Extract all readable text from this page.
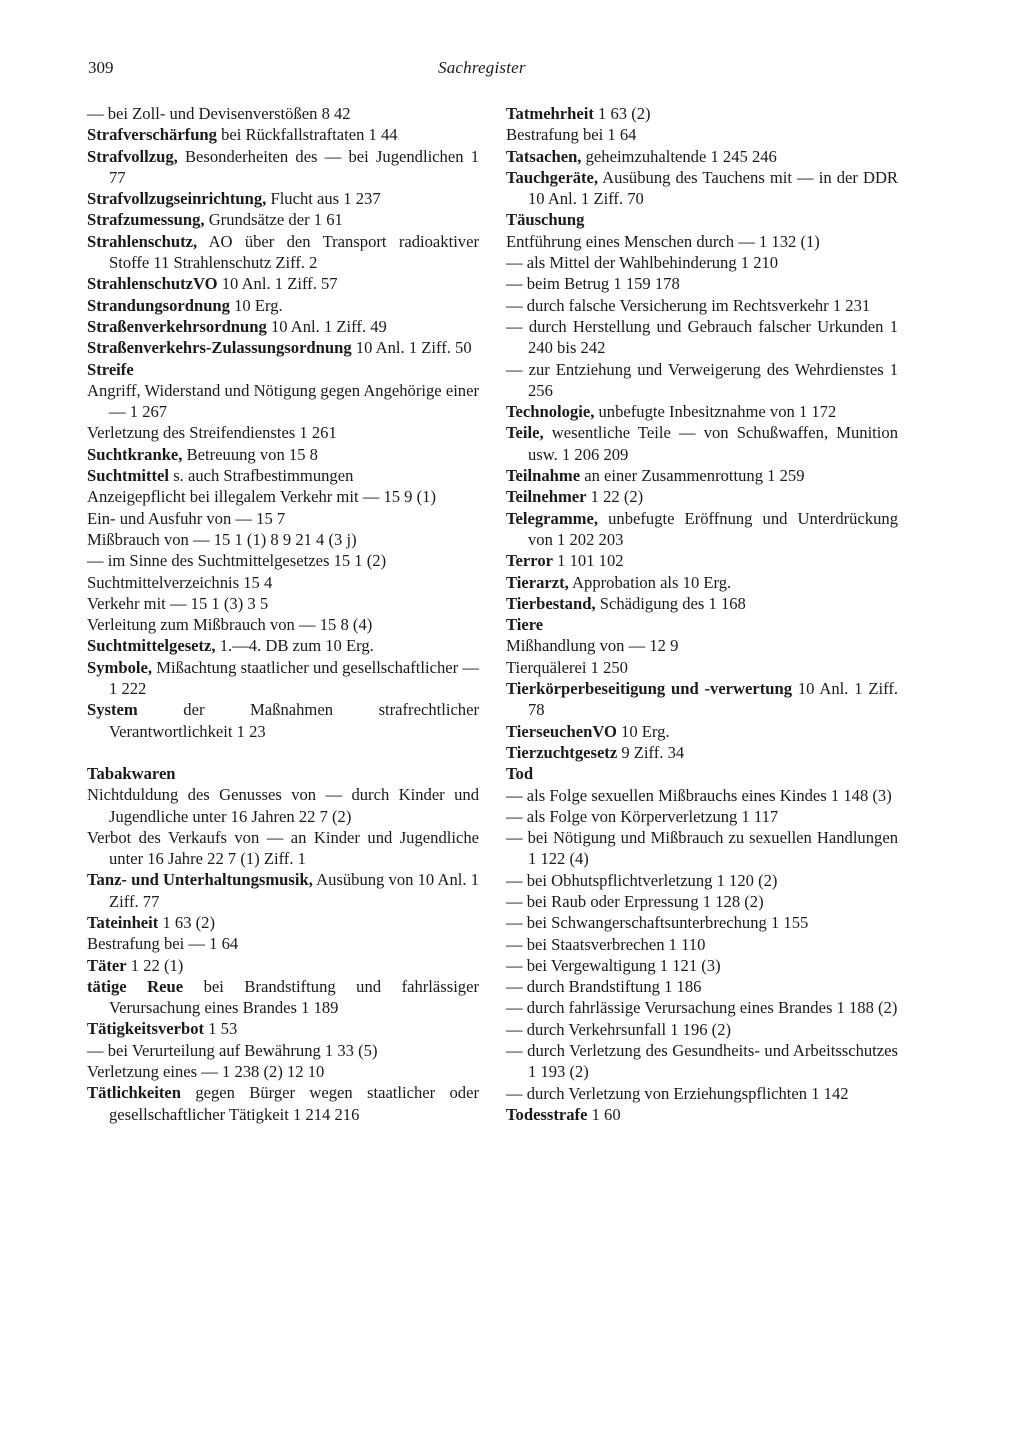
309	Sachregister
— bei Zoll- und Devisenverstößen 8 42
Strafverschärfung bei Rückfallstraftaten 1 44
Strafvollzug, Besonderheiten des — bei Jugendlichen 1 77
Strafvollzugseinrichtung, Flucht aus 1 237
Strafzumessung, Grundsätze der 1 61
Strahlenschutz, AO über den Transport radioaktiver Stoffe 11 Strahlenschutz Ziff. 2
StrahlenschutzVO 10 Anl. 1 Ziff. 57
Strandungsordnung 10 Erg.
Straßenverkehrsordnung 10 Anl. 1 Ziff. 49
Straßenverkehrs-Zulassungsordnung 10 Anl. 1 Ziff. 50
Streife
Angriff, Widerstand und Nötigung gegen Angehörige einer — 1 267
Verletzung des Streifendienstes 1 261
Suchtkranke, Betreuung von 15 8
Suchtmittel s. auch Strafbestimmungen
Anzeigepflicht bei illegalem Verkehr mit — 15 9 (1)
Ein- und Ausfuhr von — 15 7
Mißbrauch von — 15 1 (1) 8 9 21 4 (3 j)
— im Sinne des Suchtmittelgesetzes 15 1 (2)
Suchtmittelverzeichnis 15 4
Verkehr mit — 15 1 (3) 3 5
Verleitung zum Mißbrauch von — 15 8 (4)
Suchtmittelgesetz, 1.—4. DB zum 10 Erg.
Symbole, Mißachtung staatlicher und gesellschaftlicher — 1 222
System der Maßnahmen strafrechtlicher Verantwortlichkeit 1 23
Tabakwaren
Nichtduldung des Genusses von — durch Kinder und Jugendliche unter 16 Jahren 22 7 (2)
Verbot des Verkaufs von — an Kinder und Jugendliche unter 16 Jahre 22 7 (1) Ziff. 1
Tanz- und Unterhaltungsmusik, Ausübung von 10 Anl. 1 Ziff. 77
Tateinheit 1 63 (2)
Bestrafung bei — 1 64
Täter 1 22 (1)
tätige Reue bei Brandstiftung und fahrlässiger Verursachung eines Brandes 1 189
Tätigkeitsverbot 1 53
— bei Verurteilung auf Bewährung 1 33 (5)
Verletzung eines — 1 238 (2) 12 10
Tätlichkeiten gegen Bürger wegen staatlicher oder gesellschaftlicher Tätigkeit 1 214 216
Tatmehrheit 1 63 (2)
Bestrafung bei 1 64
Tatsachen, geheimzuhaltende 1 245 246
Tauchgeräte, Ausübung des Tauchens mit — in der DDR 10 Anl. 1 Ziff. 70
Täuschung
Entführung eines Menschen durch — 1 132 (1)
— als Mittel der Wahlbehinderung 1 210
— beim Betrug 1 159 178
— durch falsche Versicherung im Rechtsverkehr 1 231
— durch Herstellung und Gebrauch falscher Urkunden 1 240 bis 242
— zur Entziehung und Verweigerung des Wehrdienstes 1 256
Technologie, unbefugte Inbesitznahme von 1 172
Teile, wesentliche Teile — von Schußwaffen, Munition usw. 1 206 209
Teilnahme an einer Zusammenrottung 1 259
Teilnehmer 1 22 (2)
Telegramme, unbefugte Eröffnung und Unterdrückung von 1 202 203
Terror 1 101 102
Tierarzt, Approbation als 10 Erg.
Tierbestand, Schädigung des 1 168
Tiere
Mißhandlung von — 12 9
Tierquälerei 1 250
Tierkörperbeseitigung und -verwertung 10 Anl. 1 Ziff. 78
TierseuchenVO 10 Erg.
Tierzuchtgesetz 9 Ziff. 34
Tod
— als Folge sexuellen Mißbrauchs eines Kindes 1 148 (3)
— als Folge von Körperverletzung 1 117
— bei Nötigung und Mißbrauch zu sexuellen Handlungen 1 122 (4)
— bei Obhutspflichtverletzung 1 120 (2)
— bei Raub oder Erpressung 1 128 (2)
— bei Schwangerschaftsunterbrechung 1 155
— bei Staatsverbrechen 1 110
— bei Vergewaltigung 1 121 (3)
— durch Brandstiftung 1 186
— durch fahrlässige Verursachung eines Brandes 1 188 (2)
— durch Verkehrsunfall 1 196 (2)
— durch Verletzung des Gesundheits- und Arbeitsschutzes 1 193 (2)
— durch Verletzung von Erziehungspflichten 1 142
Todesstrafe 1 60
